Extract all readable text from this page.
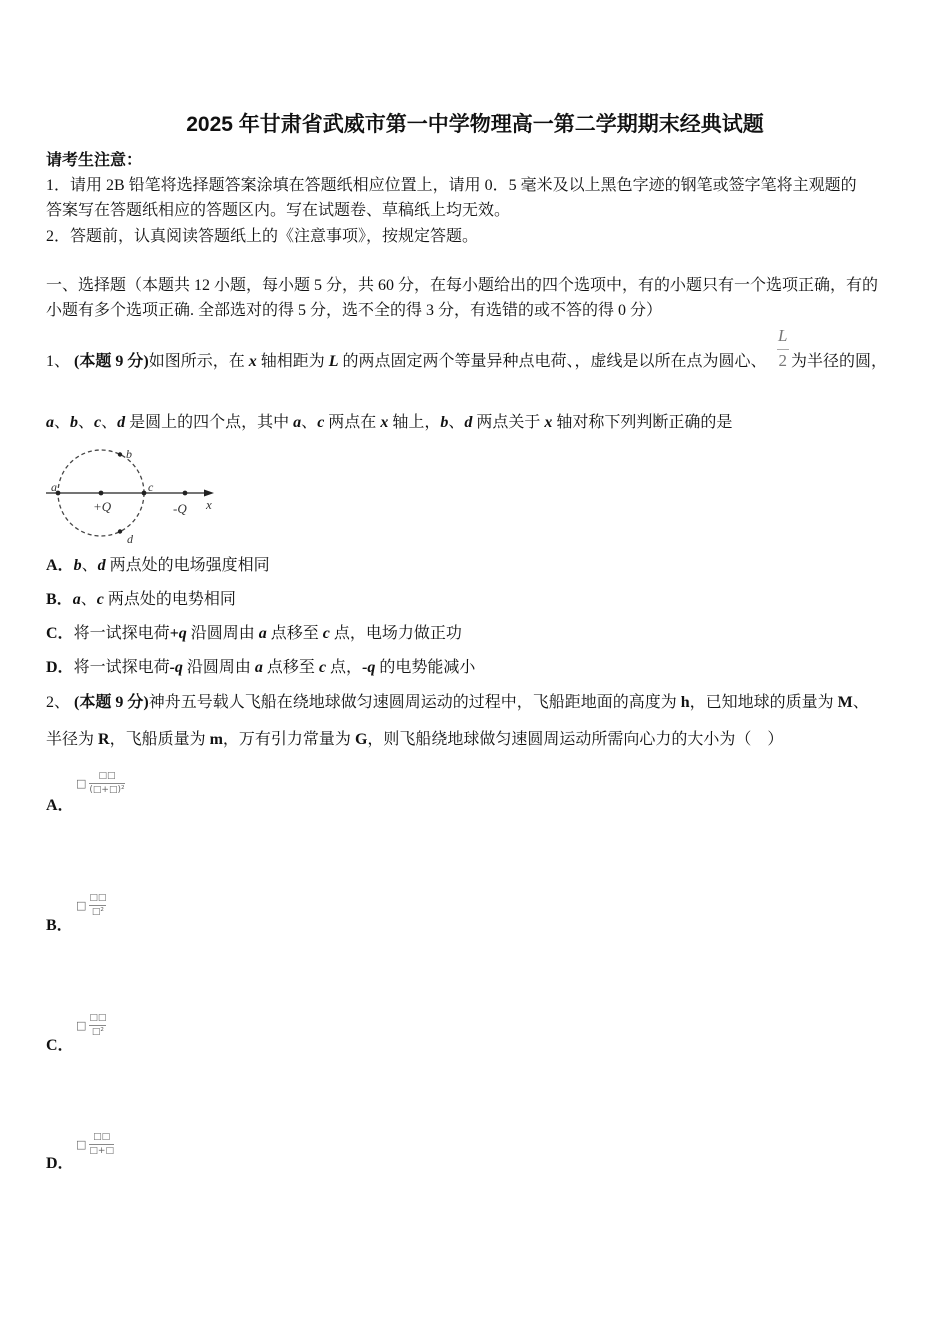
2025 年甘肃省武威市第一中学物理高一第二学期期末经典试题
请考生注意：
1．请用 2B 铅笔将选择题答案涂填在答题纸相应位置上，请用 0．5 毫米及以上黑色字迹的钢笔或签字笔将主观题的
答案写在答题纸相应的答题区内。写在试题卷、草稿纸上均无效。
2．答题前，认真阅读答题纸上的《注意事项》，按规定答题。
一、选择题（本题共 12 小题，每小题 5 分，共 60 分，在每小题给出的四个选项中，有的小题只有一个选项正确，有的
小题有多个选项正确. 全部选对的得 5 分，选不全的得 3 分，有选错的或不答的得 0 分）
1、 (本题 9 分) 如图所示，在 x 轴相距为 L 的两点固定两个等量异种点电荷、，虚线是以所在点为圆心、 $\frac{L}{2}$ 为半径的圆，
a 、 b 、 c 、 d 是圆上的四个点，其中 a 、 c 两点在 x 轴上， b 、 d 两点关于 x 轴对称下列判断正确的是
a
b
c
d
+Q	-Q x
A． b 、 d 两点处的电场强度相同
B． a 、 c 两点处的电势相同
C． 将一试探电荷 +q 沿圆周由 a 点移至 c 点，电场力做正功
D． 将一试探电荷 -q 沿圆周由 a 点移至 c 点， -q 的电势能减小
2、 (本题 9 分) 神舟五号载人飞船在绕地球做匀速圆周运动的过程中，飞船距地面的高度为 h ，已知地球的质量为 M 、
半径为 R ，飞船质量为 m ，万有引力常量为 G ，则飞船绕地球做匀速圆周运动所需向心力的大小为（    ）
□ $\frac{□□}{\text{(□+□)²}}$
A．
□ $\frac{□□}{\text{□²}}$
B．
□ $\frac{□□}{\text{□²}}$
C．
□ $\frac{□□}{□+□}$
D．
